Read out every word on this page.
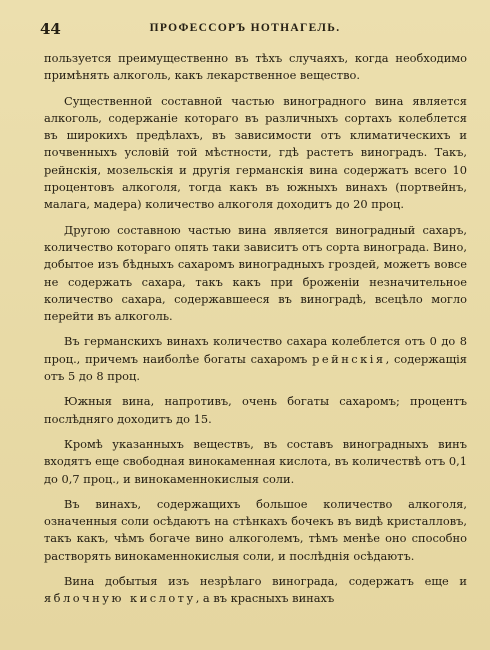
44	ПРОФЕССОРЪ НОТНАГЕЛЬ.

пользуется преимущественно въ тѣхъ случаяхъ, когда необходимо примѣнять алкоголь, какъ лекарственное вещество.

Существенной составной частью виноградного вина является алкоголь, содержаніе котораго въ различныхъ сортахъ колеблется въ широкихъ предѣлахъ, въ зависимости отъ климатическихъ и почвенныхъ условій той мѣстности, гдѣ растетъ виноградъ. Такъ, рейнскія, мозельскія и другія германскія вина содержатъ всего 10 процентовъ алкоголя, тогда какъ въ южныхъ винахъ (портвейнъ, малага, мадера) количество алкоголя доходитъ до 20 проц.

Другою составною частью вина является виноградный сахаръ, количество котораго опять таки зависитъ отъ сорта винограда. Вино, добытое изъ бѣдныхъ сахаромъ виноградныхъ гроздей, можетъ вовсе не содержать сахара, такъ какъ при броженіи незначительное количество сахара, содержавшееся въ виноградѣ, всецѣло могло перейти въ алкоголь.

Въ германскихъ винахъ количество сахара колеблется отъ 0 до 8 проц., причемъ наиболѣе богаты сахаромъ рейнскія, содержащія отъ 5 до 8 проц.

Южныя вина, напротивъ, очень богаты сахаромъ; процентъ послѣдняго доходитъ до 15.

Кромѣ указанныхъ веществъ, въ составъ виноградныхъ винъ входятъ еще свободная винокаменная кислота, въ количествѣ отъ 0,1 до 0,7 проц., и винокаменнокислыя соли.

Въ винахъ, содержащихъ большое количество алкоголя, означенныя соли осѣдаютъ на стѣнкахъ бочекъ въ видѣ кристалловъ, такъ какъ, чѣмъ богаче вино алкоголемъ, тѣмъ менѣе оно способно растворять винокаменнокислыя соли, и послѣднія осѣдаютъ.

Вина добытыя изъ незрѣлаго винограда, содержатъ еще и яблочную кислоту, а въ красныхъ винахъ
